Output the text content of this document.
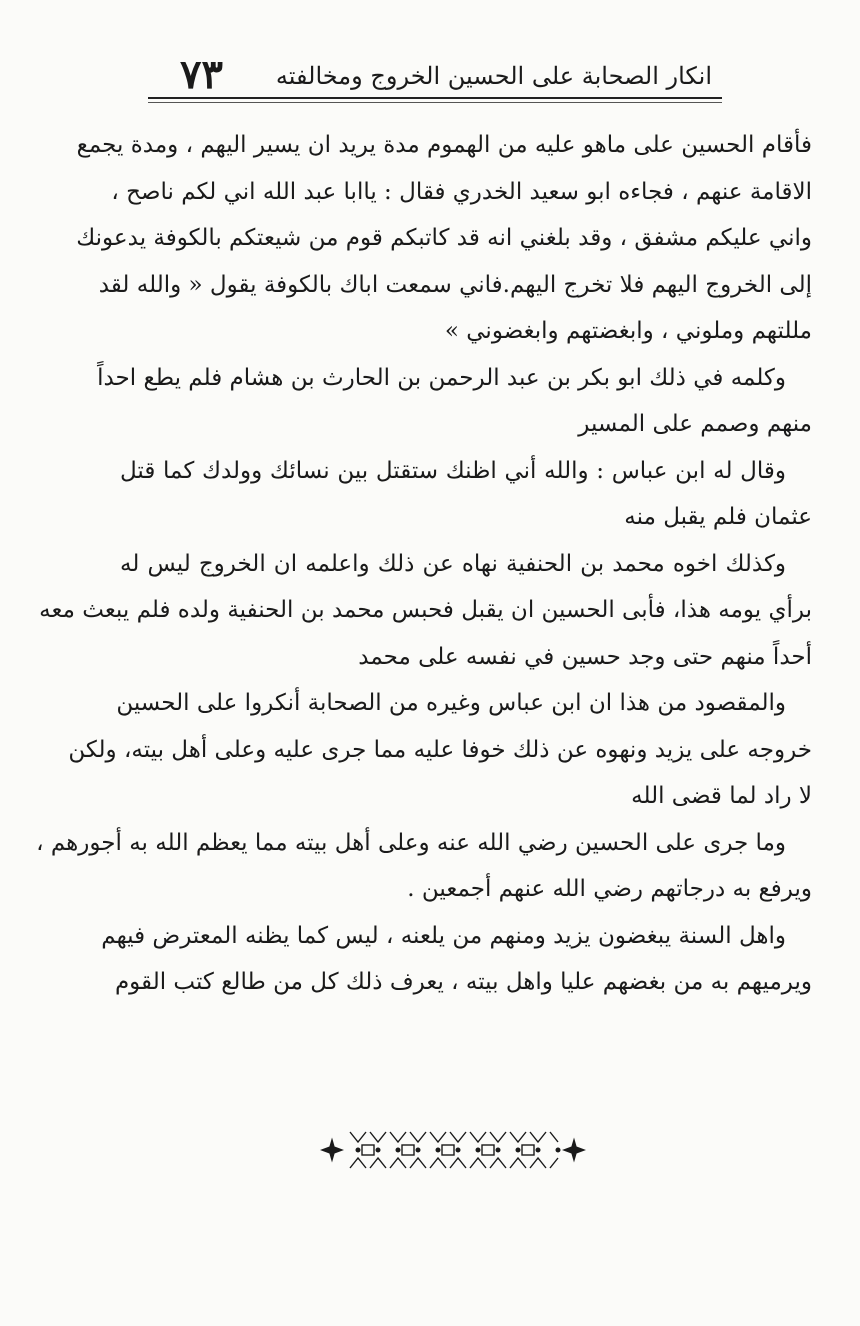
٧٣ انكار الصحابة على الحسين الخروج ومخالفته
فأقام الحسين على ماهو عليه من الهموم مدة يريد ان يسير اليهم ، ومدة يجمع
الاقامة عنهم ، فجاءه ابو سعيد الخدري فقال : ياابا عبد الله اني لكم ناصح ،
واني عليكم مشفق ، وقد بلغني انه قد كاتبكم قوم من شيعتكم بالكوفة يدعونك
إلى الخروج اليهم فلا تخرج اليهم.فاني سمعت اباك بالكوفة يقول « والله لقد
مللتهم وملوني ، وابغضتهم وابغضوني »
وكلمه في ذلك ابو بكر بن عبد الرحمن بن الحارث بن هشام فلم يطع احداً
منهم وصمم على المسير
وقال له ابن عباس : والله أني اظنك ستقتل بين نسائك وولدك كما قتل
عثمان فلم يقبل منه
وكذلك اخوه محمد بن الحنفية نهاه عن ذلك واعلمه ان الخروج ليس له
برأي يومه هذا، فأبى الحسين ان يقبل فحبس محمد بن الحنفية ولده فلم يبعث معه
أحداً منهم حتى وجد حسين في نفسه على محمد
والمقصود من هذا ان ابن عباس وغيره من الصحابة أنكروا على الحسين
خروجه على يزيد ونهوه عن ذلك خوفا عليه مما جرى عليه وعلى أهل بيته، ولكن
لا راد لما قضى الله
وما جرى على الحسين رضي الله عنه وعلى أهل بيته مما يعظم الله به أجورهم ،
ويرفع به درجاتهم رضي الله عنهم أجمعين .
واهل السنة يبغضون يزيد ومنهم من يلعنه ، ليس كما يظنه المعترض فيهم
ويرميهم به من بغضهم عليا واهل بيته ، يعرف ذلك كل من طالع كتب القوم
